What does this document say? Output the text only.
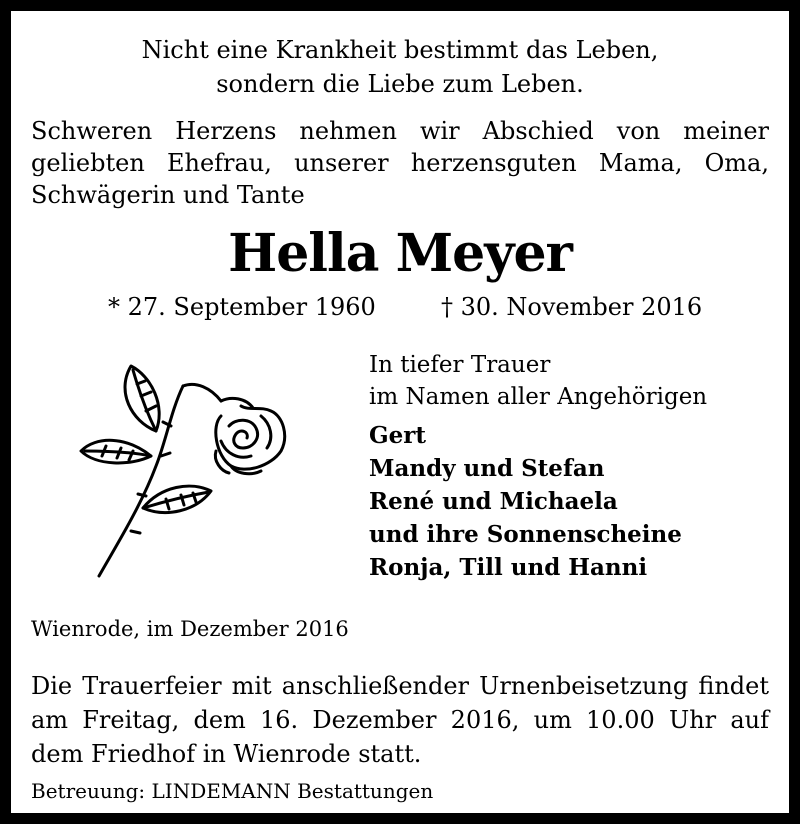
Nicht eine Krankheit bestimmt das Leben,
sondern die Liebe zum Leben.
Schweren Herzens nehmen wir Abschied von meiner geliebten Ehefrau, unserer herzensguten Mama, Oma, Schwägerin und Tante
Hella Meyer
* 27. September 1960	† 30. November 2016
In tiefer Trauer
im Namen aller Angehörigen
Gert
Mandy und Stefan
René und Michaela
und ihre Sonnenscheine
Ronja, Till und Hanni
Wienrode, im Dezember 2016
Die Trauerfeier mit anschließender Urnenbeisetzung findet am Freitag, dem 16. Dezember 2016, um 10.00 Uhr auf dem Friedhof in Wienrode statt.
Betreuung: LINDEMANN Bestattungen
